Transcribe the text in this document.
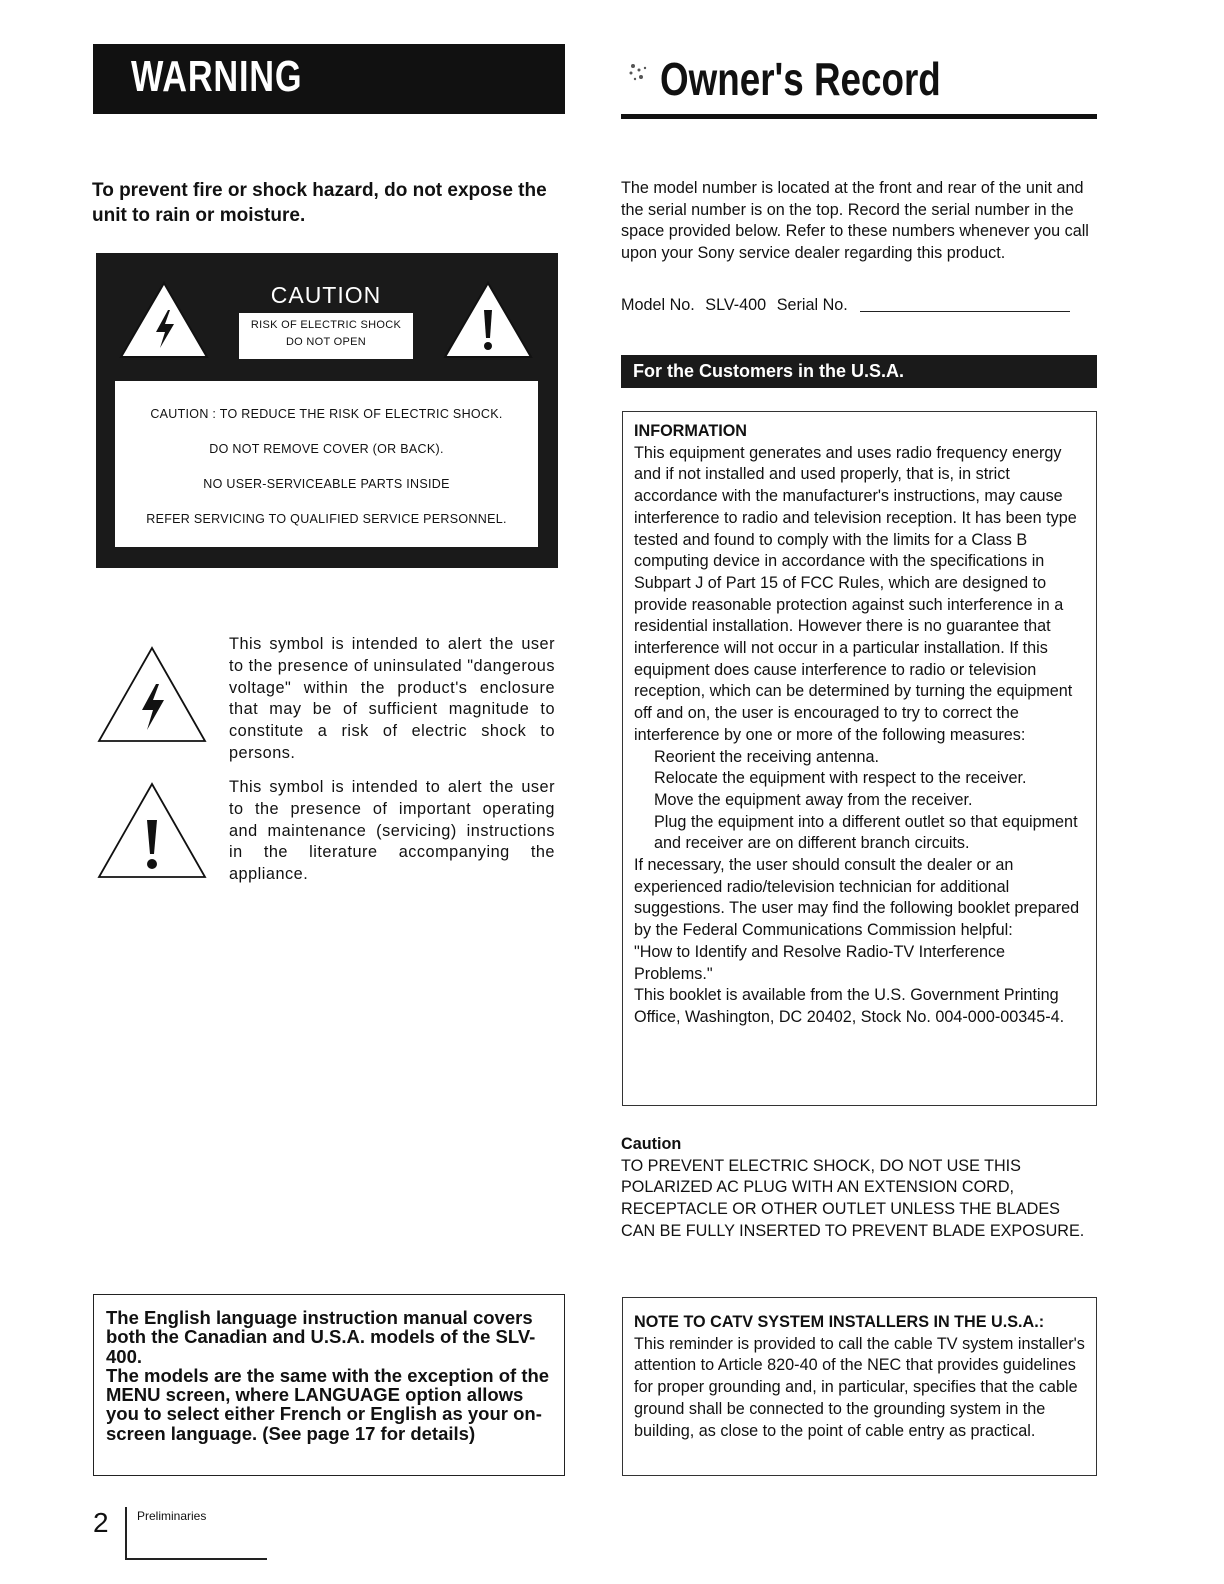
WARNING
To prevent fire or shock hazard, do not expose the unit to rain or moisture.
CAUTION
RISK OF ELECTRIC SHOCK
DO NOT OPEN
CAUTION : TO REDUCE THE RISK OF ELECTRIC SHOCK.
DO NOT REMOVE COVER (OR BACK).
NO USER-SERVICEABLE PARTS INSIDE
REFER SERVICING TO QUALIFIED SERVICE PERSONNEL.
This symbol is intended to alert the user to the presence of uninsulated "dangerous voltage" within the product's enclosure that may be of sufficient magnitude to constitute a risk of electric shock to persons.
This symbol is intended to alert the user to the presence of important operating and maintenance (servicing) instructions in the literature accompanying the appliance.
The English language instruction manual covers both the Canadian and U.S.A. models of the SLV-400.
The models are the same with the exception of the MENU screen, where LANGUAGE option allows you to select either French or English as your on-screen language. (See page 17 for details)
2 Preliminaries
Owner's Record
The model number is located at the front and rear of the unit and the serial number is on the top. Record the serial number in the space provided below. Refer to these numbers whenever you call upon your Sony service dealer regarding this product.
Model No. SLV-400 Serial No.
For the Customers in the U.S.A.
INFORMATION
This equipment generates and uses radio frequency energy and if not installed and used properly, that is, in strict accordance with the manufacturer's instructions, may cause interference to radio and television reception. It has been type tested and found to comply with the limits for a Class B computing device in accordance with the specifications in Subpart J of Part 15 of FCC Rules, which are designed to provide reasonable protection against such interference in a residential installation. However there is no guarantee that interference will not occur in a particular installation. If this equipment does cause interference to radio or television reception, which can be determined by turning the equipment off and on, the user is encouraged to try to correct the interference by one or more of the following measures:
Reorient the receiving antenna.
Relocate the equipment with respect to the receiver.
Move the equipment away from the receiver.
Plug the equipment into a different outlet so that equipment and receiver are on different branch circuits.
If necessary, the user should consult the dealer or an experienced radio/television technician for additional suggestions. The user may find the following booklet prepared by the Federal Communications Commission helpful:
"How to Identify and Resolve Radio-TV Interference Problems."
This booklet is available from the U.S. Government Printing Office, Washington, DC 20402, Stock No. 004-000-00345-4.
Caution
TO PREVENT ELECTRIC SHOCK, DO NOT USE THIS POLARIZED AC PLUG WITH AN EXTENSION CORD, RECEPTACLE OR OTHER OUTLET UNLESS THE BLADES CAN BE FULLY INSERTED TO PREVENT BLADE EXPOSURE.
NOTE TO CATV SYSTEM INSTALLERS IN THE U.S.A.:
This reminder is provided to call the cable TV system installer's attention to Article 820-40 of the NEC that provides guidelines for proper grounding and, in particular, specifies that the cable ground shall be connected to the grounding system in the building, as close to the point of cable entry as practical.
